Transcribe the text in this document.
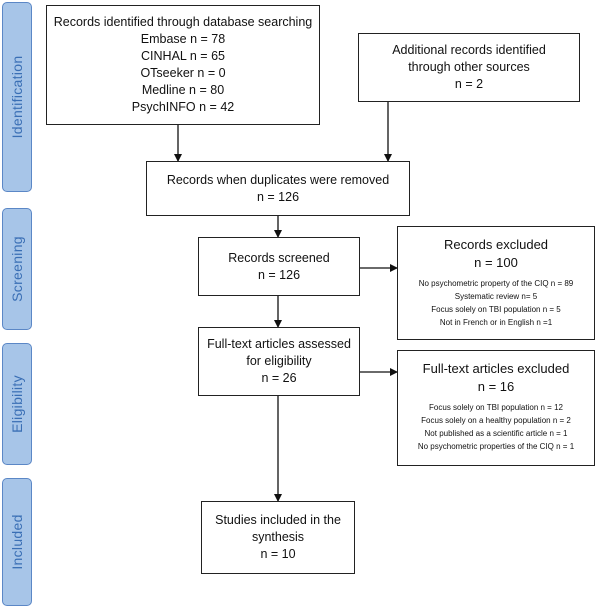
Identification
Screening
Eligibility
Included
Records identified through database searching
Embase n = 78
CINHAL n = 65
OTseeker n = 0
Medline n = 80
PsychINFO n = 42
Additional records identified
through other sources
n = 2
Records when duplicates were removed
n = 126
Records screened
n = 126
Records excluded
n = 100
No psychometric property of the CIQ n = 89
Systematic review n= 5
Focus solely on TBI population n = 5
Not in French or in English n =1
Full-text articles assessed
for eligibility
n = 26
Full-text articles excluded
n = 16
Focus solely on TBI population n = 12
Focus solely on a healthy population n = 2
Not published as a scientific article n = 1
No psychometric properties of the CIQ n = 1
Studies included in the
synthesis
n = 10
